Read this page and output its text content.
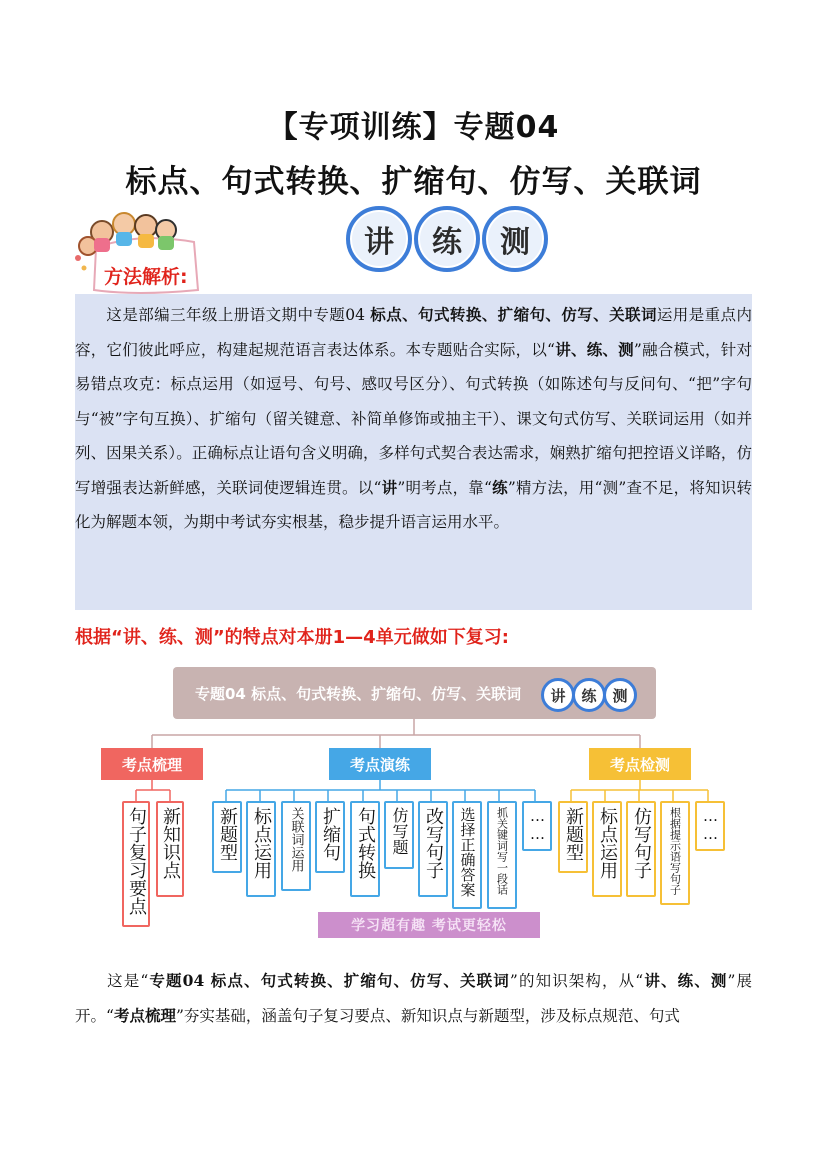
【专项训练】专题04
标点、句式转换、扩缩句、仿写、关联词
讲	练	测
方法解析:
这是部编三年级上册语文期中专题04 标点、句式转换、扩缩句、仿写、关联词运用是重点内容，它们彼此呼应，构建起规范语言表达体系。本专题贴合实际，以“讲、练、测”融合模式，针对易错点攻克：标点运用（如逗号、句号、感叹号区分）、句式转换（如陈述句与反问句、“把”字句与“被”字句互换）、扩缩句（留关键意、补简单修饰或抽主干）、课文句式仿写、关联词运用（如并列、因果关系）。正确标点让语句含义明确，多样句式契合表达需求，娴熟扩缩句把控语义详略，仿写增强表达新鲜感，关联词使逻辑连贯。以“讲”明考点，靠“练”精方法，用“测”查不足，将知识转化为解题本领，为期中考试夯实根基，稳步提升语言运用水平。
根据“讲、练、测”的特点对本册1—4单元做如下复习:
专题04 标点、句式转换、扩缩句、仿写、关联词	讲	练	测
考点梳理	考点演练	考点检测
句子复习要点 新知识点 新题型 标点运用 关联词运用 扩缩句 句式转换 仿写题 改写句子 选择正确答案 抓关键词写一段话 …… 新题型 标点运用 仿写句子 根据提示语写句子 ……
学习超有趣 考试更轻松
这是“专题04 标点、句式转换、扩缩句、仿写、关联词”的知识架构，从“讲、练、测”展开。“考点梳理”夯实基础，涵盖句子复习要点、新知识点与新题型，涉及标点规范、句式
